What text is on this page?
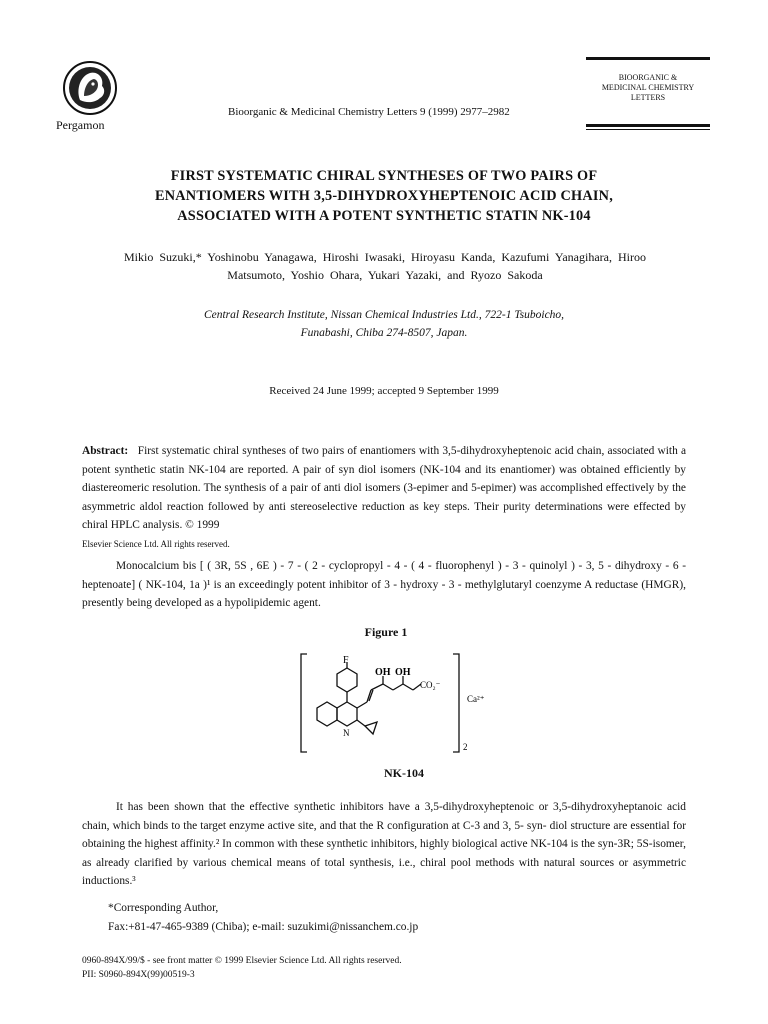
Pergamon
Bioorganic & Medicinal Chemistry Letters 9 (1999) 2977–2982
BIOORGANIC &
MEDICINAL CHEMISTRY
LETTERS
FIRST SYSTEMATIC CHIRAL SYNTHESES OF TWO PAIRS OF
ENANTIOMERS WITH 3,5-DIHYDROXYHEPTENOIC ACID CHAIN,
ASSOCIATED WITH A POTENT SYNTHETIC STATIN NK-104
Mikio Suzuki,* Yoshinobu Yanagawa, Hiroshi Iwasaki, Hiroyasu Kanda, Kazufumi Yanagihara, Hiroo
Matsumoto, Yoshio Ohara, Yukari Yazaki, and Ryozo Sakoda
Central Research Institute, Nissan Chemical Industries Ltd., 722-1 Tsuboicho,
Funabashi, Chiba 274-8507, Japan.
Received 24 June 1999; accepted 9 September 1999
Abstract: First systematic chiral syntheses of two pairs of enantiomers with 3,5-dihydroxyheptenoic acid chain, associated with a potent synthetic statin NK-104 are reported. A pair of syn diol isomers (NK-104 and its enantiomer) was obtained efficiently by diastereomeric resolution. The synthesis of a pair of anti diol isomers (3-epimer and 5-epimer) was accomplished effectively by the asymmetric aldol reaction followed by anti stereoselective reduction as key steps. Their purity determinations were effected by chiral HPLC analysis. © 1999
Elsevier Science Ltd. All rights reserved.
Monocalcium bis [ ( 3R, 5S , 6E ) - 7 - ( 2 - cyclopropyl - 4 - ( 4 - fluorophenyl ) - 3 - quinolyl ) - 3, 5 - dihydroxy - 6 - heptenoate] ( NK-104, 1a )¹ is an exceedingly potent inhibitor of 3 - hydroxy - 3 - methylglutaryl coenzyme A reductase (HMGR), presently being developed as a hypolipidemic agent.
Figure 1
F
OH OH
CO₂⁻
N
Ca²⁺
2
NK-104
It has been shown that the effective synthetic inhibitors have a 3,5-dihydroxyheptenoic or 3,5-dihydroxyheptanoic acid chain, which binds to the target enzyme active site, and that the R configuration at C-3 and 3, 5- syn- diol structure are essential for obtaining the highest affinity.² In common with these synthetic inhibitors, highly biological active NK-104 is the syn-3R; 5S-isomer, as already clarified by various chemical means of total synthesis, i.e., chiral pool methods with natural sources or asymmetric inductions.³
*Corresponding Author,
Fax:+81-47-465-9389 (Chiba); e-mail: suzukimi@nissanchem.co.jp
0960-894X/99/$ - see front matter © 1999 Elsevier Science Ltd. All rights reserved.
PII: S0960-894X(99)00519-3
